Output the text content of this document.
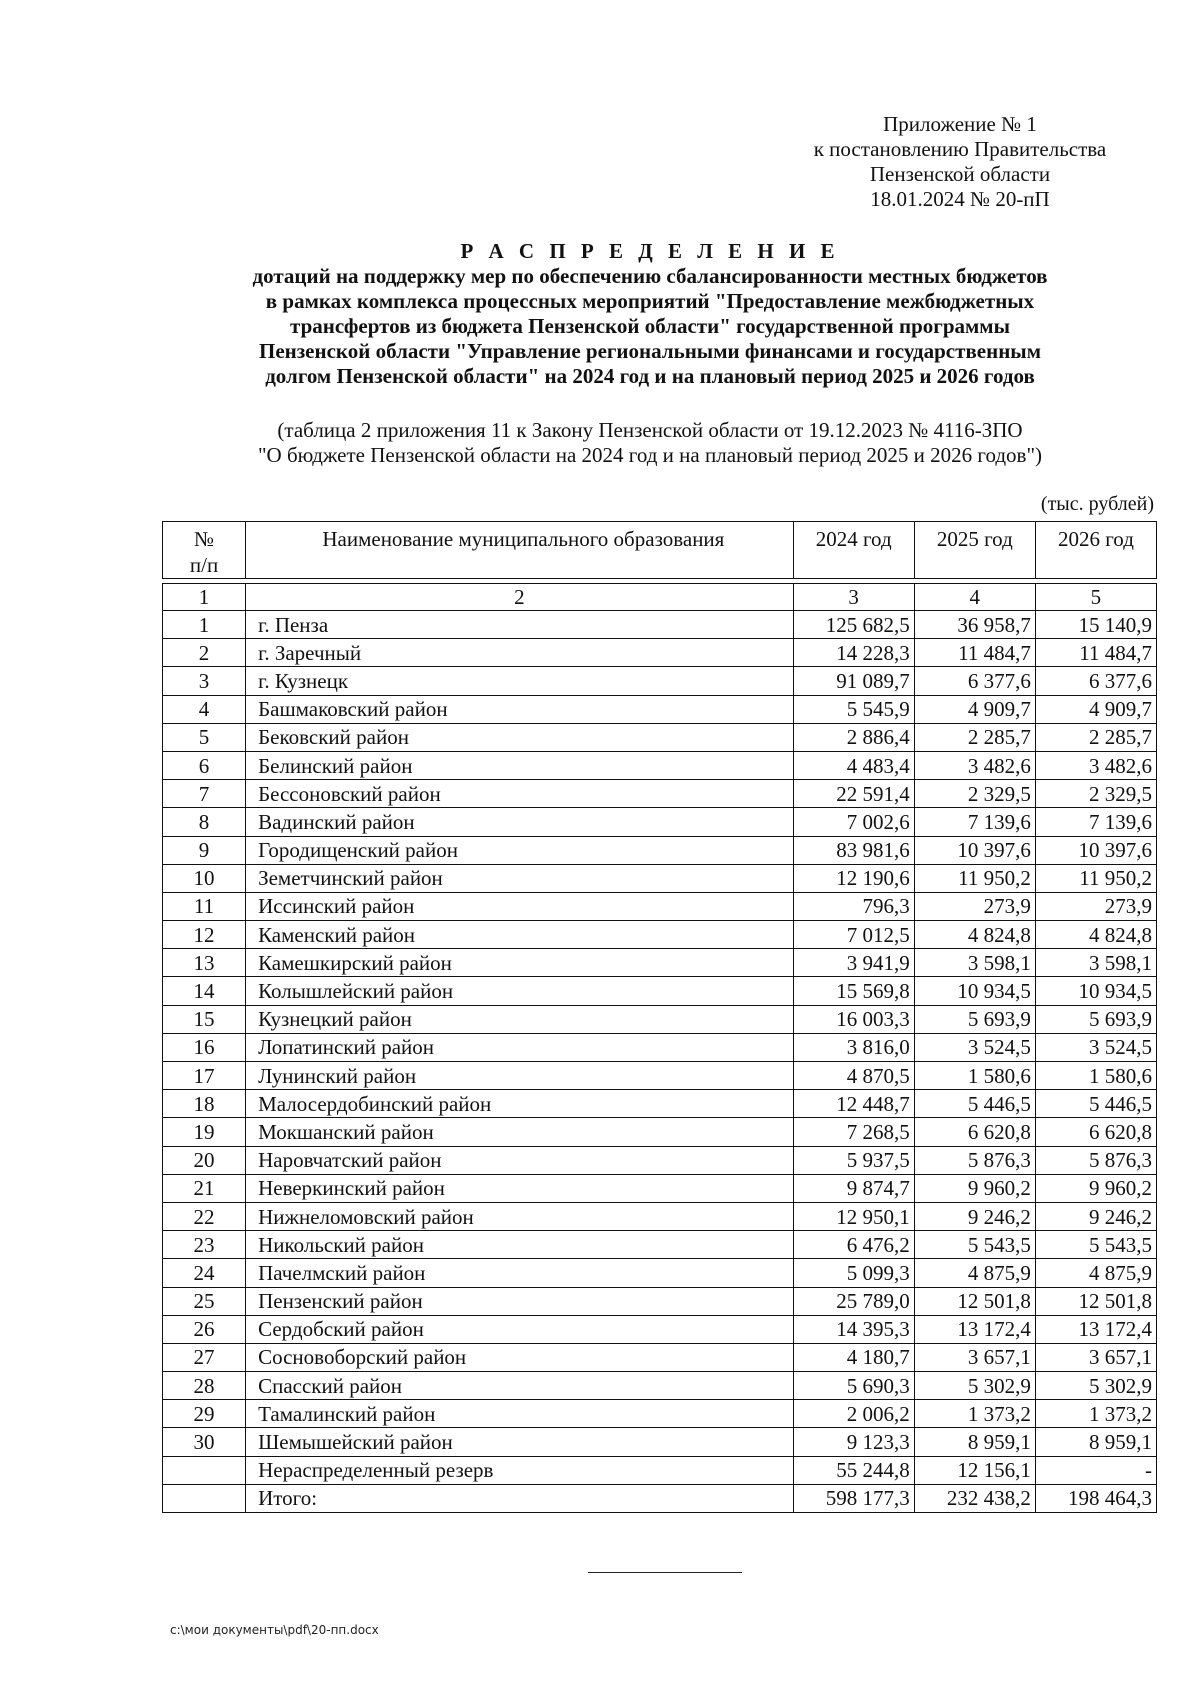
Приложение № 1
к постановлению Правительства
Пензенской области
18.01.2024 № 20-пП
Р А С П Р Е Д Е Л Е Н И Е
дотаций на поддержку мер по обеспечению сбалансированности местных бюджетов
в рамках комплекса процессных мероприятий "Предоставление межбюджетных
трансфертов из бюджета Пензенской области" государственной программы
Пензенской области "Управление региональными финансами и государственным
долгом Пензенской области" на 2024 год и на плановый период 2025 и 2026 годов
(таблица 2 приложения 11 к Закону Пензенской области от 19.12.2023 № 4116-ЗПО
"О бюджете Пензенской области на 2024 год и на плановый период 2025 и 2026 годов")
(тыс. рублей)
№
п/п	Наименование муниципального образования	2024 год	2025 год	2026 год

1	2	3	4	5
1	г. Пенза	125 682,5	36 958,7	15 140,9
2	г. Заречный	14 228,3	11 484,7	11 484,7
3	г. Кузнецк	91 089,7	6 377,6	6 377,6
4	Башмаковский район	5 545,9	4 909,7	4 909,7
5	Бековский район	2 886,4	2 285,7	2 285,7
6	Белинский район	4 483,4	3 482,6	3 482,6
7	Бессоновский район	22 591,4	2 329,5	2 329,5
8	Вадинский район	7 002,6	7 139,6	7 139,6
9	Городищенский район	83 981,6	10 397,6	10 397,6
10	Земетчинский район	12 190,6	11 950,2	11 950,2
11	Иссинский район	796,3	273,9	273,9
12	Каменский район	7 012,5	4 824,8	4 824,8
13	Камешкирский район	3 941,9	3 598,1	3 598,1
14	Колышлейский район	15 569,8	10 934,5	10 934,5
15	Кузнецкий район	16 003,3	5 693,9	5 693,9
16	Лопатинский район	3 816,0	3 524,5	3 524,5
17	Лунинский район	4 870,5	1 580,6	1 580,6
18	Малосердобинский район	12 448,7	5 446,5	5 446,5
19	Мокшанский район	7 268,5	6 620,8	6 620,8
20	Наровчатский район	5 937,5	5 876,3	5 876,3
21	Неверкинский район	9 874,7	9 960,2	9 960,2
22	Нижнеломовский район	12 950,1	9 246,2	9 246,2
23	Никольский район	6 476,2	5 543,5	5 543,5
24	Пачелмский район	5 099,3	4 875,9	4 875,9
25	Пензенский район	25 789,0	12 501,8	12 501,8
26	Сердобский район	14 395,3	13 172,4	13 172,4
27	Сосновоборский район	4 180,7	3 657,1	3 657,1
28	Спасский район	5 690,3	5 302,9	5 302,9
29	Тамалинский район	2 006,2	1 373,2	1 373,2
30	Шемышейский район	9 123,3	8 959,1	8 959,1
	Нераспределенный резерв	55 244,8	12 156,1	-
	Итого:	598 177,3	232 438,2	198 464,3
c:\мои документы\pdf\20-пп.docx
